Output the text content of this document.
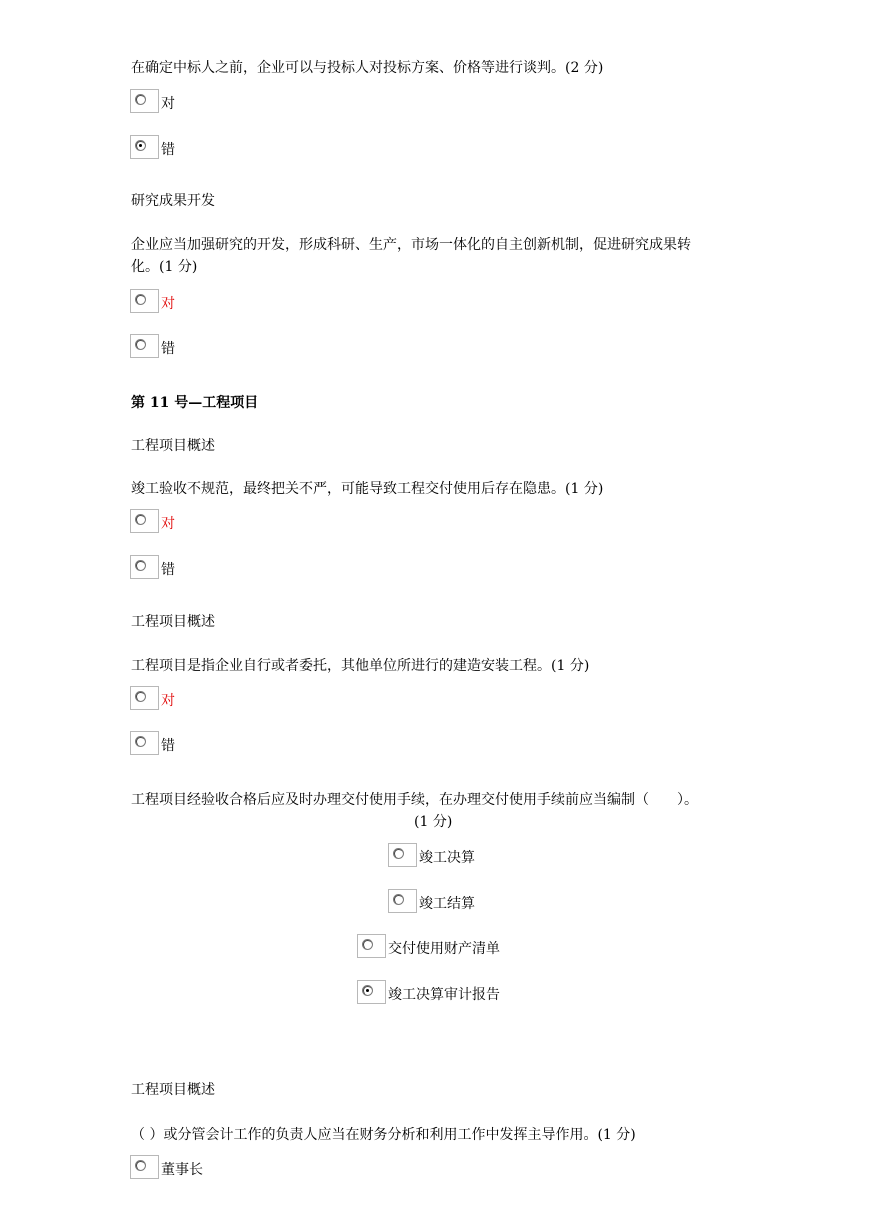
在确定中标人之前，企业可以与投标人对投标方案、价格等进行谈判。(2 分)
对
错
研究成果开发
企业应当加强研究的开发，形成科研、生产，市场一体化的自主创新机制，促进研究成果转
化。(1 分)
对
错
第 11 号—工程项目
工程项目概述
竣工验收不规范，最终把关不严，可能导致工程交付使用后存在隐患。(1 分)
对
错
工程项目概述
工程项目是指企业自行或者委托，其他单位所进行的建造安装工程。(1 分)
对
错
工程项目经验收合格后应及时办理交付使用手续，在办理交付使用手续前应当编制（　　）。
(1 分)
竣工决算
竣工结算
交付使用财产清单
竣工决算审计报告
工程项目概述
（ ）或分管会计工作的负责人应当在财务分析和利用工作中发挥主导作用。(1 分)
董事长
